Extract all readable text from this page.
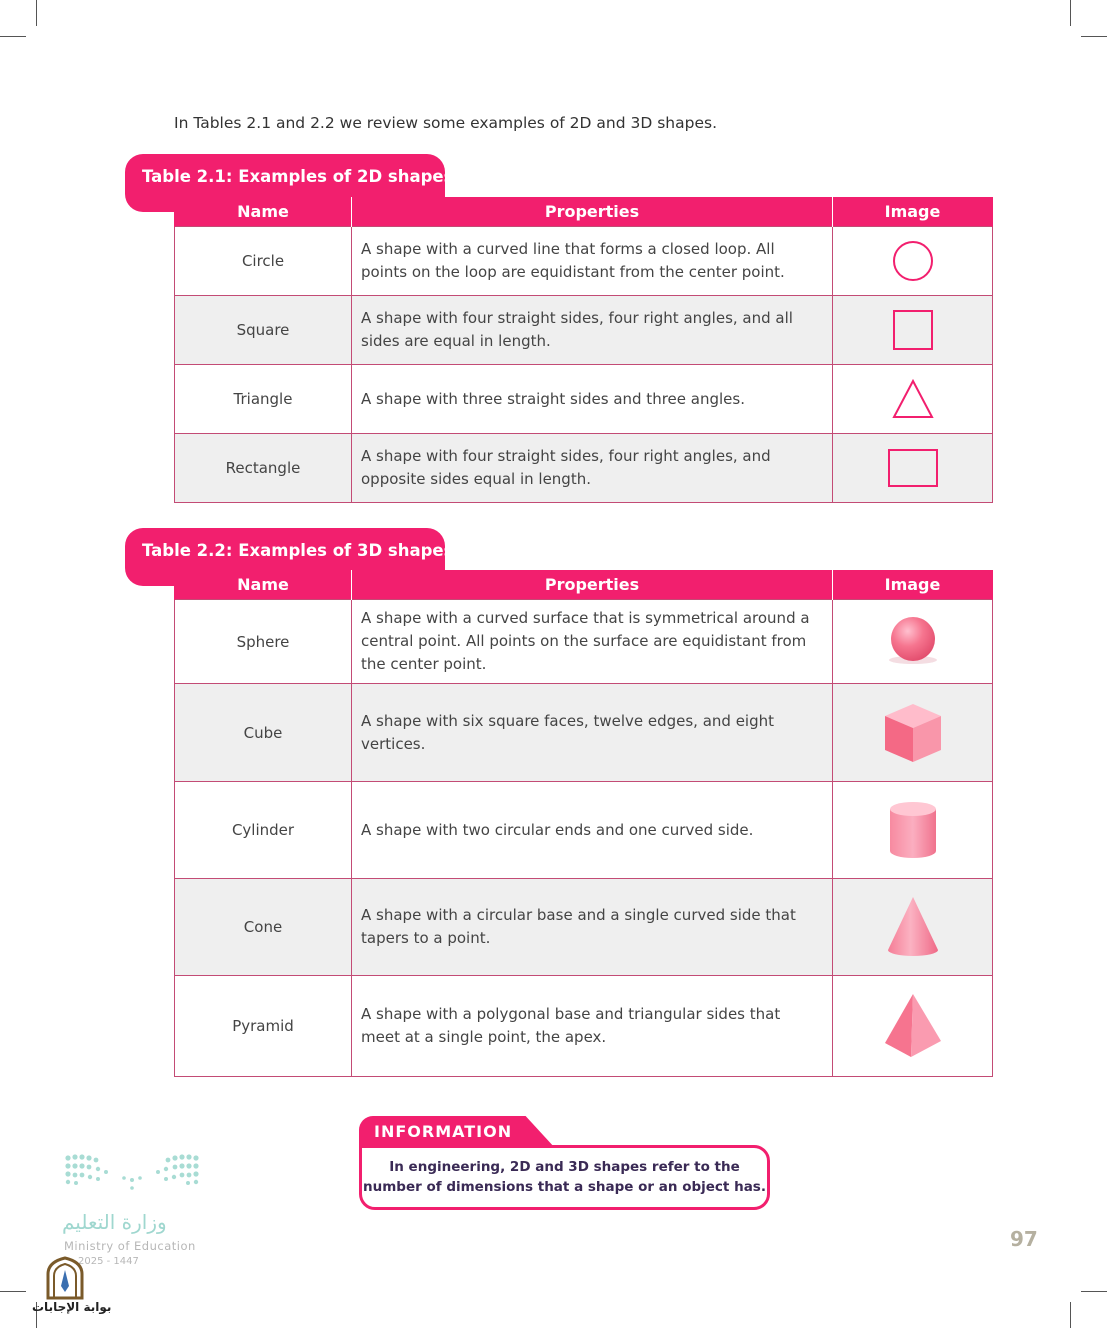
In Tables 2.1 and 2.2 we review some examples of 2D and 3D shapes.

Table 2.1: Examples of 2D shapes
Name	Properties	Image
Circle	A shape with a curved line that forms a closed loop. All points on the loop are equidistant from the center point.	

Square	A shape with four straight sides, four right angles, and all sides are equal in length.	

Triangle	A shape with three straight sides and three angles.	

Rectangle	A shape with four straight sides, four right angles, and opposite sides equal in length.	
Table 2.2: Examples of 3D shapes
Name	Properties	Image
Sphere	A shape with a curved surface that is symmetrical around a central point. All points on the surface are equidistant from the center point.	

Cube	A shape with six square faces, twelve edges, and eight vertices.	

Cylinder	A shape with two circular ends and one curved side.	

Cone	A shape with a circular base and a single curved side that tapers to a point.	

Pyramid	A shape with a polygonal base and triangular sides that meet at a single point, the apex.	
INFORMATION

In engineering, 2D and 3D shapes refer to the number of dimensions that a shape or an object has.

97
وزارة التعليم
Ministry of Education
2025 - 1447
بوابة الإجابات
